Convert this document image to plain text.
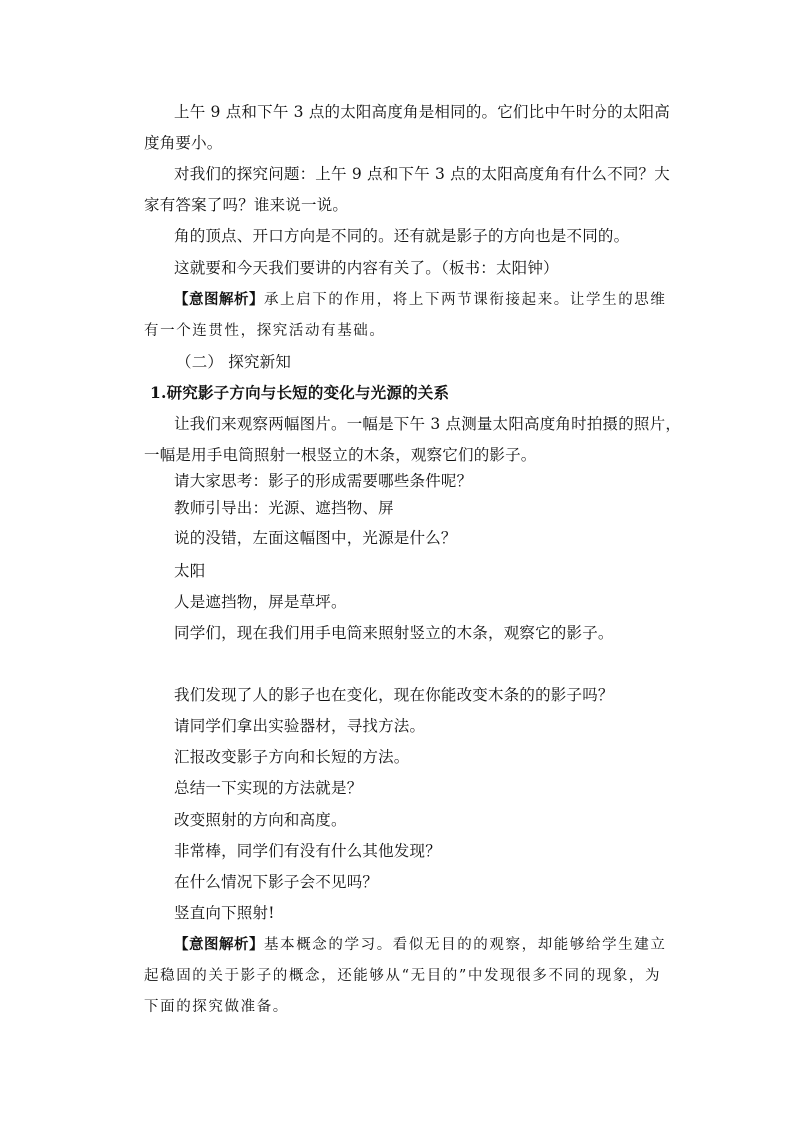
上午 9 点和下午 3 点的太阳高度角是相同的。它们比中午时分的太阳高
度角要小。
对我们的探究问题：上午 9 点和下午 3 点的太阳高度角有什么不同？大
家有答案了吗？谁来说一说。
角的顶点、开口方向是不同的。还有就是影子的方向也是不同的。
这就要和今天我们要讲的内容有关了。（板书：太阳钟）
【意图解析】承上启下的作用，将上下两节课衔接起来。让学生的思维
有一个连贯性，探究活动有基础。
（二） 探究新知
1.研究影子方向与长短的变化与光源的关系
让我们来观察两幅图片。一幅是下午 3 点测量太阳高度角时拍摄的照片，
一幅是用手电筒照射一根竖立的木条，观察它们的影子。
请大家思考：影子的形成需要哪些条件呢？
教师引导出：光源、遮挡物、屏
说的没错，左面这幅图中，光源是什么？
太阳
人是遮挡物，屏是草坪。
同学们，现在我们用手电筒来照射竖立的木条，观察它的影子。
我们发现了人的影子也在变化，现在你能改变木条的的影子吗？
请同学们拿出实验器材，寻找方法。
汇报改变影子方向和长短的方法。
总结一下实现的方法就是？
改变照射的方向和高度。
非常棒，同学们有没有什么其他发现？
在什么情况下影子会不见吗？
竖直向下照射!
【意图解析】基本概念的学习。看似无目的的观察，却能够给学生建立
起稳固的关于影子的概念，还能够从“无目的”中发现很多不同的现象，为
下面的探究做准备。
